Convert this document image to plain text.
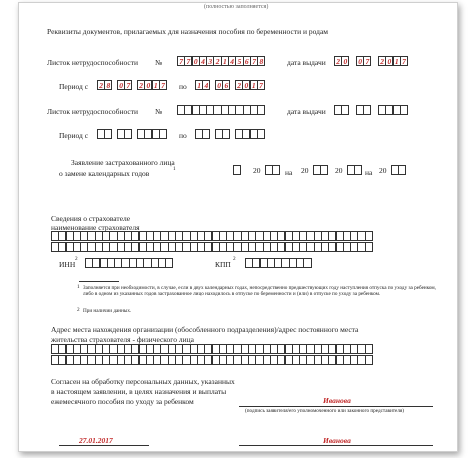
(полностью заполняется)
Реквизиты документов, прилагаемых для назначения пособия по беременности и родам
Листок нетрудоспособности № 7 7 0 4 3 2 1 4 5 6 7 8	дата выдачи 2 0 0 7 2 0 1 7
Период с 2 8 0 7 2 0 1 7 по 1 4 0 6 2 0 1 7
Листок нетрудоспособности №	дата выдачи
Период с	по
Заявление застрахованного лица
о замене календарных годов	1	20	на 20	20	на 20
Сведения о страхователе
наименование страхователя
ИНН
2
КПП
2
1 Заполняется при необходимости, в случае, если в двух календарных годах, непосредственно предшествующих году наступления отпуска по уходу за ребенком, либо в одном из указанных годов застрахованное лицо находилось в отпуске по беременности и (или) в отпуске по уходу за ребенком.
2 При наличии данных.
Адрес места нахождения организации (обособленного подразделения)/адрес постоянного места
жительства страхователя - физического лица
Согласен на обработку персональных данных, указанных
в настоящем заявлении, в целях назначения и выплаты
ежемесячного пособия по уходу за ребенком	Иванова
(подпись заявителя/его уполномоченного или законного представителя)
27.01.2017	Иванова
